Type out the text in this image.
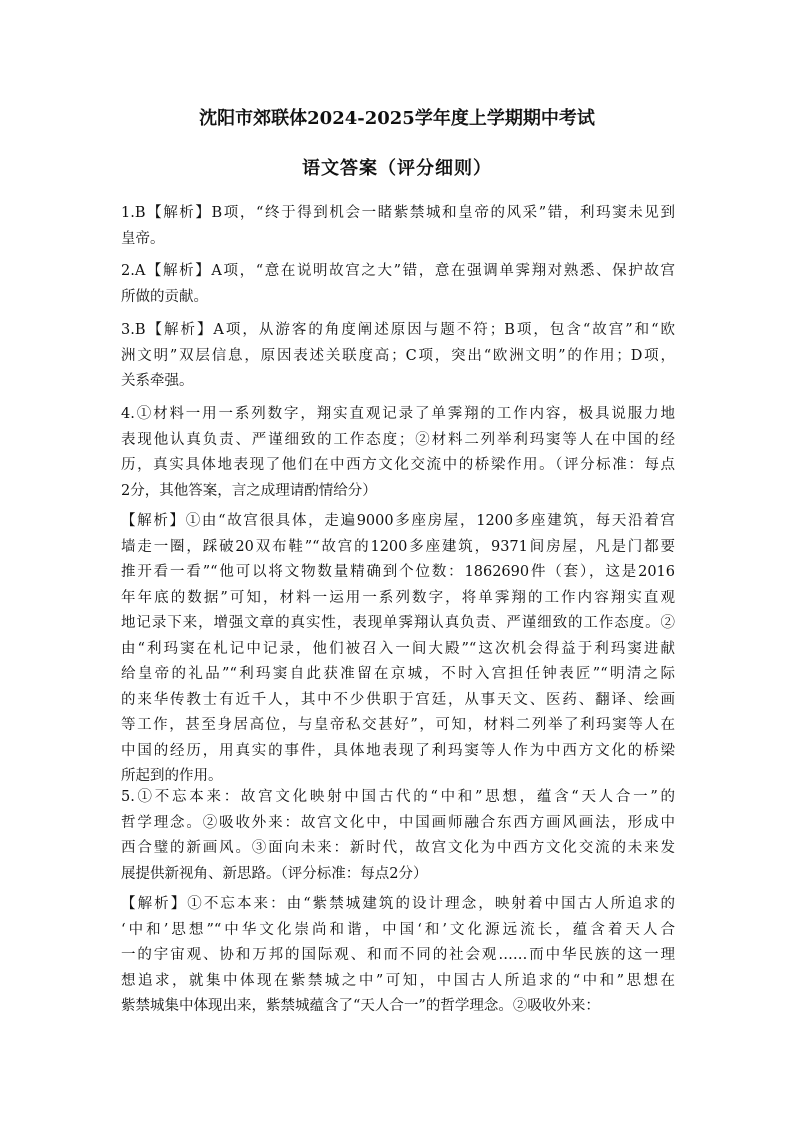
沈阳市郊联体2024-2025学年度上学期期中考试
语文答案（评分细则）
1.B【解析】B项，“终于得到机会一睹紫禁城和皇帝的风采”错，利玛窦未见到
皇帝。
2.A【解析】A项，“意在说明故宫之大”错，意在强调单霁翔对熟悉、保护故宫
所做的贡献。
3.B【解析】A项，从游客的角度阐述原因与题不符；B项，包含“故宫”和“欧
洲文明”双层信息，原因表述关联度高；C项，突出“欧洲文明”的作用；D项，
关系牵强。
4.①材料一用一系列数字，翔实直观记录了单霁翔的工作内容，极具说服力地
表现他认真负责、严谨细致的工作态度；②材料二列举利玛窦等人在中国的经
历，真实具体地表现了他们在中西方文化交流中的桥梁作用。（评分标准：每点
2分，其他答案，言之成理请酌情给分）
【解析】①由“故宫很具体，走遍9000多座房屋，1200多座建筑，每天沿着宫
墙走一圈，踩破20双布鞋”“故宫的1200多座建筑，9371间房屋，凡是门都要
推开看一看”“他可以将文物数量精确到个位数：1862690件（套），这是2016
年年底的数据”可知，材料一运用一系列数字，将单霁翔的工作内容翔实直观
地记录下来，增强文章的真实性，表现单霁翔认真负责、严谨细致的工作态度。②
由“利玛窦在札记中记录，他们被召入一间大殿”“这次机会得益于利玛窦进献
给皇帝的礼品”“利玛窦自此获准留在京城，不时入宫担任钟表匠”“明清之际
的来华传教士有近千人，其中不少供职于宫廷，从事天文、医药、翻译、绘画
等工作，甚至身居高位，与皇帝私交甚好”，可知，材料二列举了利玛窦等人在
中国的经历，用真实的事件，具体地表现了利玛窦等人作为中西方文化的桥梁
所起到的作用。
5.①不忘本来：故宫文化映射中国古代的“中和”思想，蕴含“天人合一”的
哲学理念。②吸收外来：故宫文化中，中国画师融合东西方画风画法，形成中
西合璧的新画风。③面向未来：新时代，故宫文化为中西方文化交流的未来发
展提供新视角、新思路。（评分标准：每点2分）
【解析】①不忘本来：由“紫禁城建筑的设计理念，映射着中国古人所追求的
‘中和’思想”“中华文化崇尚和谐，中国‘和’文化源远流长，蕴含着天人合
一的宇宙观、协和万邦的国际观、和而不同的社会观……而中华民族的这一理
想追求，就集中体现在紫禁城之中”可知，中国古人所追求的“中和”思想在
紫禁城集中体现出来，紫禁城蕴含了“天人合一”的哲学理念。②吸收外来：
